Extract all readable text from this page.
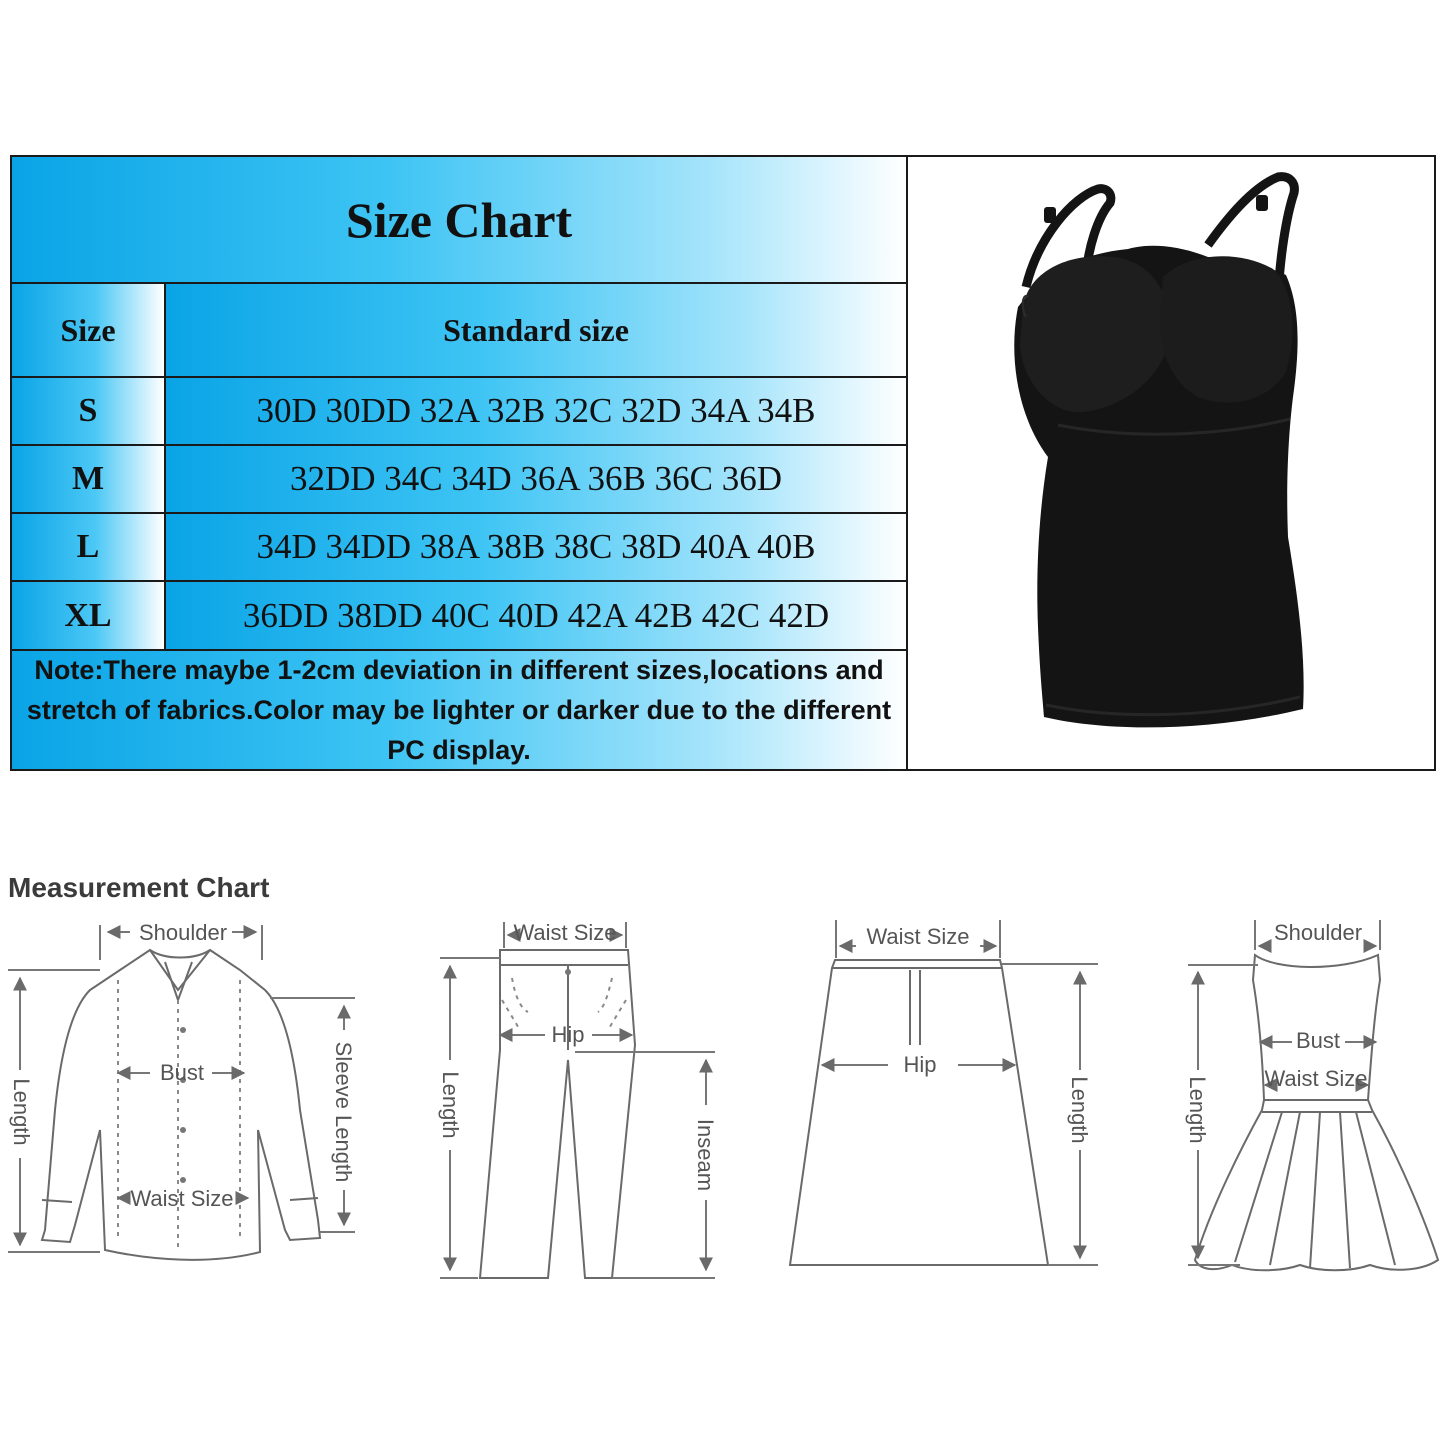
Size Chart
Size	Standard size
S	30D 30DD 32A 32B 32C 32D 34A 34B
M	32DD 34C 34D 36A 36B 36C 36D
L	34D 34DD 38A 38B 38C 38D 40A 40B
XL	36DD 38DD 40C 40D 42A 42B 42C 42D
Note:There maybe 1-2cm deviation in different sizes,locations and stretch of fabrics.Color may be lighter or darker due to the different PC display.
Measurement Chart
Shoulder
Bust
Waist Size
Length	Sleeve Length
Waist Size
Hip
Length
Inseam
Waist Size
Hip
Length
Shoulder
Bust
Waist Size
Length
